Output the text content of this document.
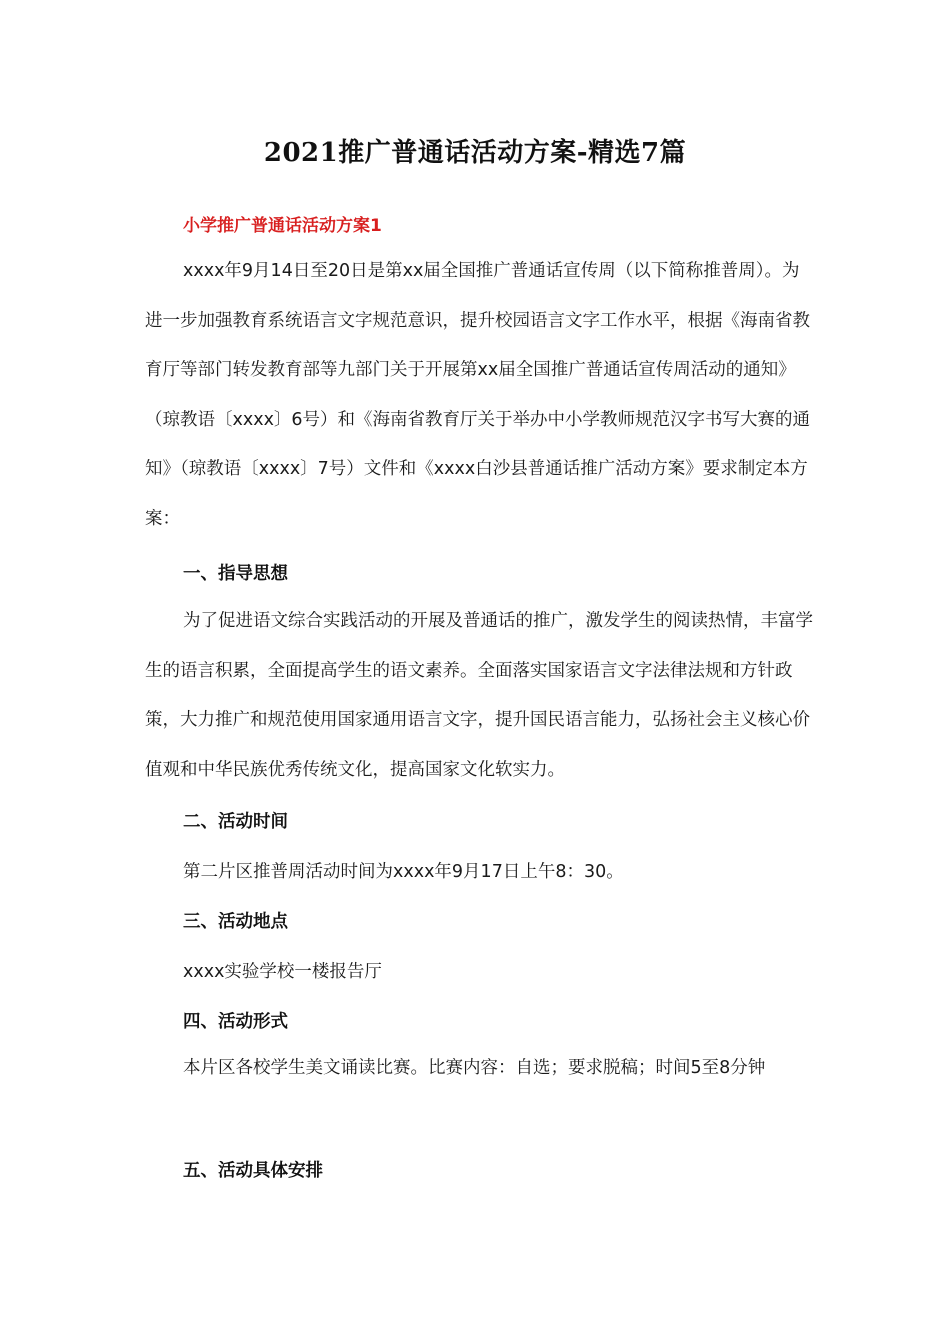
2021推广普通话活动方案-精选7篇
小学推广普通话活动方案1

xxxx年9月14日至20日是第xx届全国推广普通话宣传周（以下简称推普周）。为进一步加强教育系统语言文字规范意识，提升校园语言文字工作水平，根据《海南省教育厅等部门转发教育部等九部门关于开展第xx届全国推广普通话宣传周活动的通知》（琼教语〔xxxx〕6号）和《海南省教育厅关于举办中小学教师规范汉字书写大赛的通知》（琼教语〔xxxx〕7号）文件和《xxxx白沙县普通话推广活动方案》要求制定本方案：

一、指导思想

为了促进语文综合实践活动的开展及普通话的推广，激发学生的阅读热情，丰富学生的语言积累，全面提高学生的语文素养。全面落实国家语言文字法律法规和方针政策，大力推广和规范使用国家通用语言文字，提升国民语言能力，弘扬社会主义核心价值观和中华民族优秀传统文化，提高国家文化软实力。

二、活动时间
第二片区推普周活动时间为xxxx年9月17日上午8：30。
三、活动地点
xxxx实验学校一楼报告厅
四、活动形式

本片区各校学生美文诵读比赛。比赛内容：自选；要求脱稿；时间5至8分钟

五、活动具体安排
